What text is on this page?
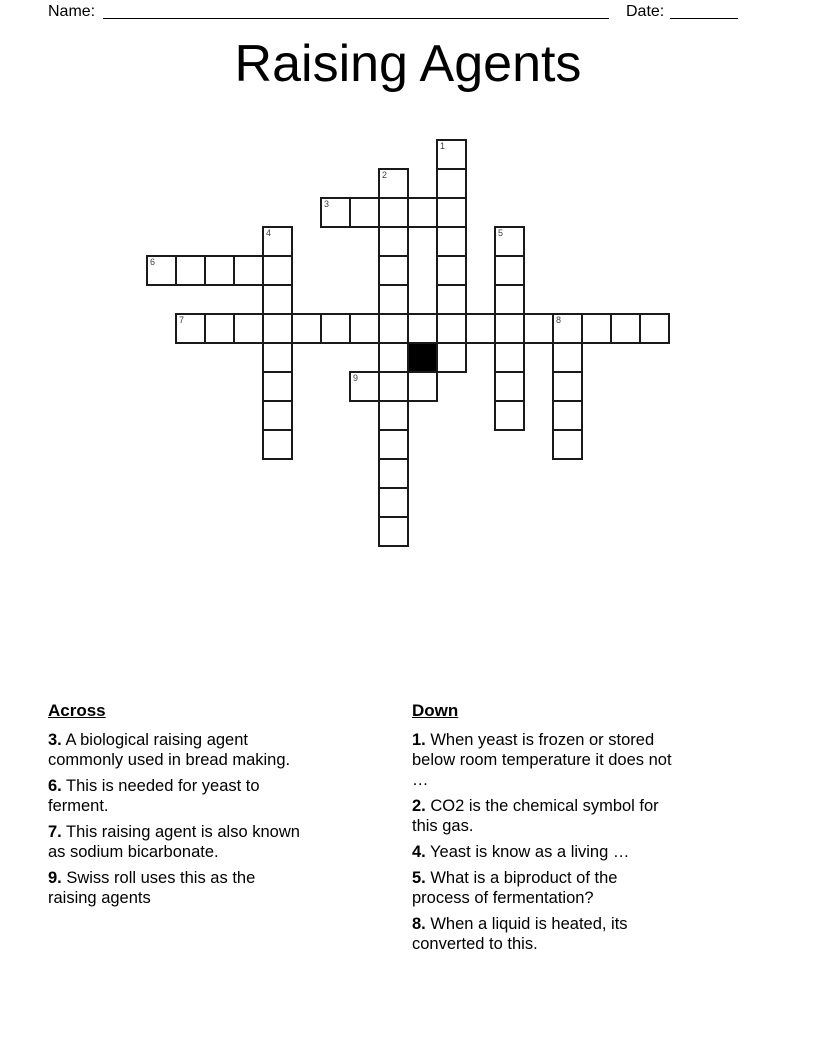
Name:	Date:
Raising Agents
1
2
3
4	5
6
7	8
9

Across

3. A biological raising agent
commonly used in bread making.

6. This is needed for yeast to
ferment.

7. This raising agent is also known
as sodium bicarbonate.

9. Swiss roll uses this as the
raising agents

Down

1. When yeast is frozen or stored
below room temperature it does not
…

2. CO2 is the chemical symbol for
this gas.

4. Yeast is know as a living …

5. What is a biproduct of the
process of fermentation?

8. When a liquid is heated, its
converted to this.
